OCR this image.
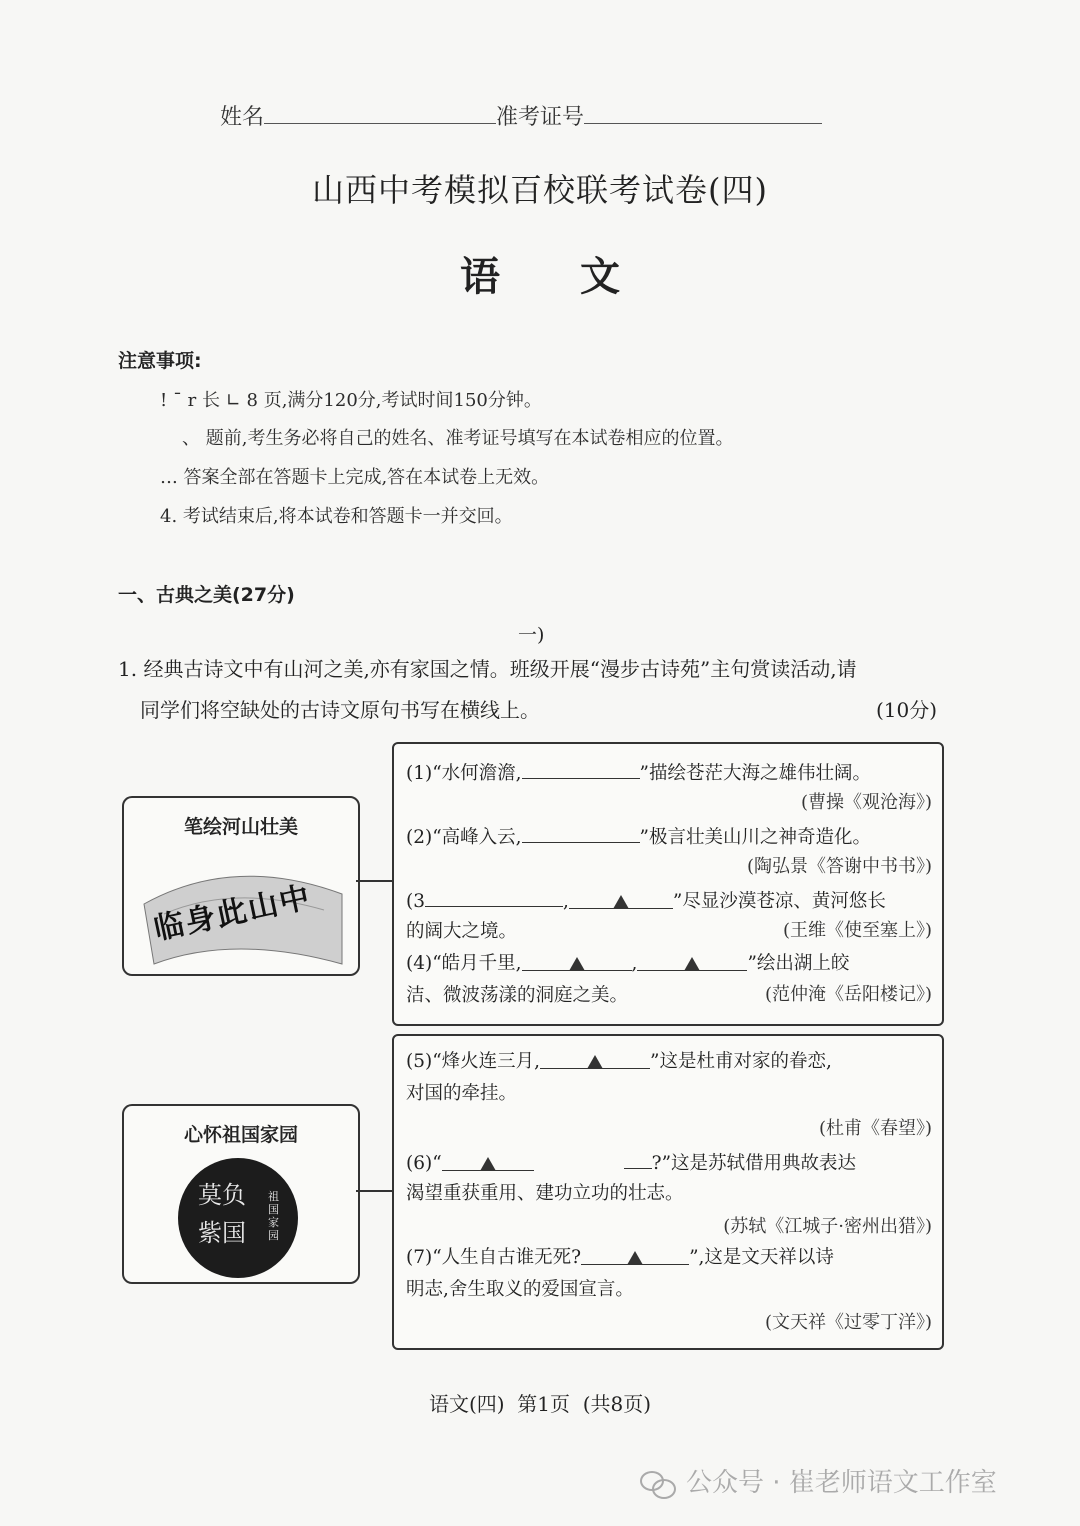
姓名	准考证号
山西中考模拟百校联考试卷(四)
语文
注意事项:
! ˉ r 长 ∟ 8 页,满分120分,考试时间150分钟。
、 题前,考生务必将自己的姓名、准考证号填写在本试卷相应的位置。
‥. 答案全部在答题卡上完成,答在本试卷上无效。
4. 考试结束后,将本试卷和答题卡一并交回。
一、古典之美(27分)
一)
1. 经典古诗文中有山河之美,亦有家国之情。班级开展“漫步古诗苑”主句赏读活动,请
同学们将空缺处的古诗文原句书写在横线上。	(10分)
笔绘河山壮美
临身此山中
(1)“水何澹澹,	”描绘苍茫大海之雄伟壮阔。
(曹操《观沧海》)
(2)“高峰入云,	”极言壮美山川之神奇造化。
(陶弘景《答谢中书书》)
(3	,	”尽显沙漠苍凉、黄河悠长
的阔大之境。	(王维《使至塞上》)
(4)“皓月千里,	,	”绘出湖上皎
洁、微波荡漾的洞庭之美。	(范仲淹《岳阳楼记》)
心怀祖国家园
莫负
紫国
祖国家园
(5)“烽火连三月,	”这是杜甫对家的眷恋,
对国的牵挂。
(杜甫《春望》)
(6)“	?”这是苏轼借用典故表达
渴望重获重用、建功立功的壮志。
(苏轼《江城子·密州出猎》)
(7)“人生自古谁无死?	”,这是文天祥以诗
明志,舍生取义的爱国宣言。
(文天祥《过零丁洋》)
语文(四)  第1页  (共8页)
公众号 · 崔老师语文工作室
